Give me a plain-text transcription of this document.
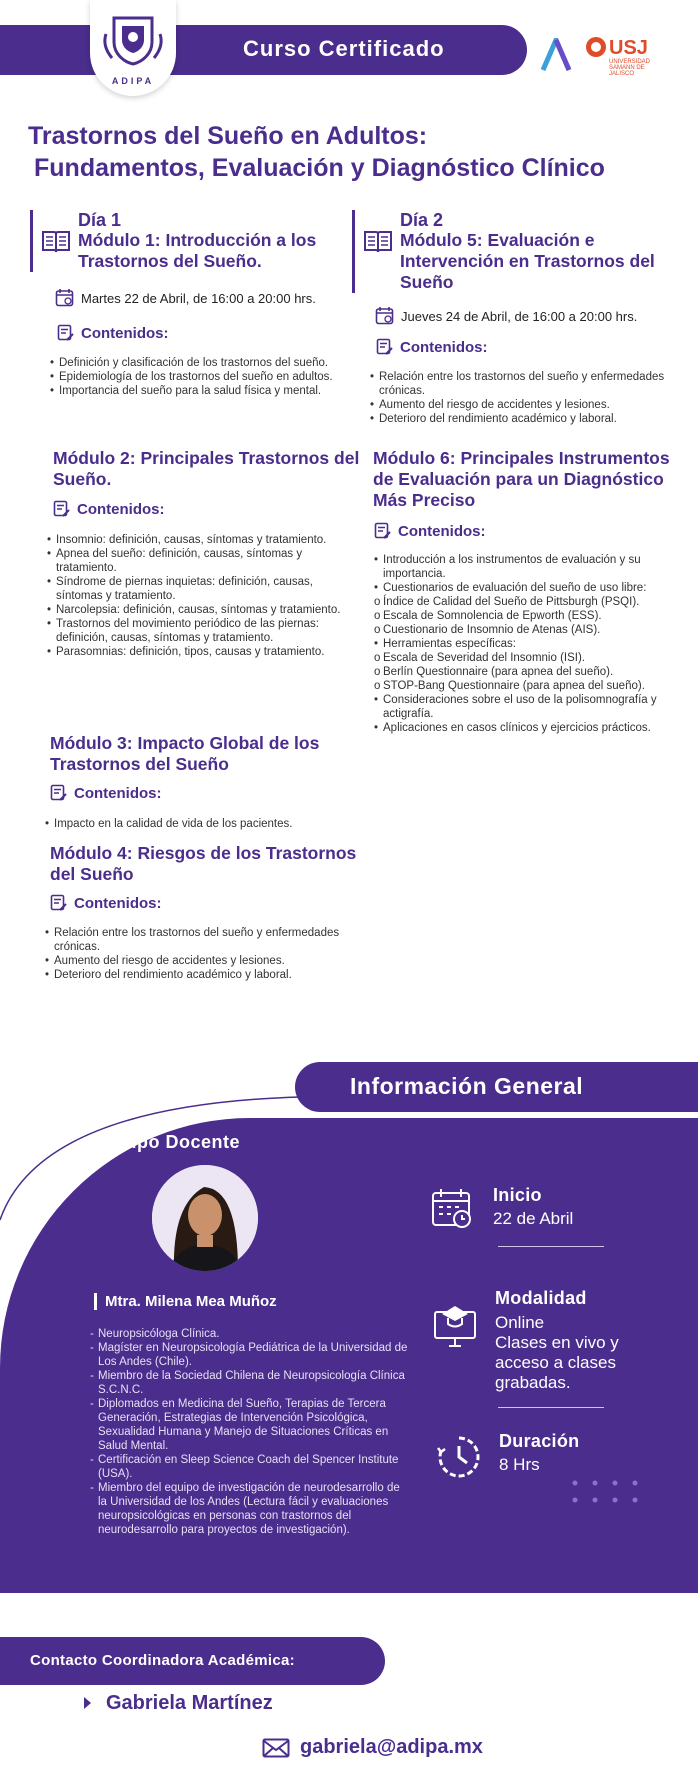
Curso Certificado
ADIPA
USJ
UNIVERSIDAD SAMANN DE JALISCO
Trastornos del Sueño en Adultos:
Fundamentos, Evaluación y Diagnóstico Clínico
Día 1
Módulo 1: Introducción a los Trastornos del Sueño.
Martes 22 de Abril, de 16:00 a 20:00 hrs.
Contenidos:
• Definición y clasificación de los trastornos del sueño.
• Epidemiología de los trastornos del sueño en adultos.
• Importancia del sueño para la salud física y mental.
Módulo 2: Principales Trastornos del Sueño.
Contenidos:
• Insomnio: definición, causas, síntomas y tratamiento.
• Apnea del sueño: definición, causas, síntomas y tratamiento.
• Síndrome de piernas inquietas: definición, causas, síntomas y tratamiento.
• Narcolepsia: definición, causas, síntomas y tratamiento.
• Trastornos del movimiento periódico de las piernas: definición, causas, síntomas y tratamiento.
• Parasomnias: definición, tipos, causas y tratamiento.
Módulo 3: Impacto Global de los Trastornos del Sueño
Contenidos:
• Impacto en la calidad de vida de los pacientes.
Módulo 4: Riesgos de los Trastornos del Sueño
Contenidos:
• Relación entre los trastornos del sueño y enfermedades crónicas.
• Aumento del riesgo de accidentes y lesiones.
• Deterioro del rendimiento académico y laboral.
Día 2
Módulo 5: Evaluación e Intervención en Trastornos del Sueño
Jueves 24 de Abril, de 16:00 a 20:00 hrs.
Contenidos:
• Relación entre los trastornos del sueño y enfermedades crónicas.
• Aumento del riesgo de accidentes y lesiones.
• Deterioro del rendimiento académico y laboral.
Módulo 6: Principales Instrumentos de Evaluación para un Diagnóstico Más Preciso
Contenidos:
• Introducción a los instrumentos de evaluación y su importancia.
• Cuestionarios de evaluación del sueño de uso libre:
o Índice de Calidad del Sueño de Pittsburgh (PSQI).
o Escala de Somnolencia de Epworth (ESS).
o Cuestionario de Insomnio de Atenas (AIS).
• Herramientas específicas:
o Escala de Severidad del Insomnio (ISI).
o Berlín Questionnaire (para apnea del sueño).
o STOP-Bang Questionnaire (para apnea del sueño).
• Consideraciones sobre el uso de la polisomnografía y actigrafía.
• Aplicaciones en casos clínicos y ejercicios prácticos.
Información General
Equipo Docente
Mtra. Milena Mea Muñoz
- Neuropsicóloga Clínica.
- Magíster en Neuropsicología Pediátrica de la Universidad de Los Andes (Chile).
- Miembro de la Sociedad Chilena de Neuropsicología Clínica S.C.N.C.
- Diplomados en Medicina del Sueño, Terapias de Tercera Generación, Estrategias de Intervención Psicológica, Sexualidad Humana y Manejo de Situaciones Críticas en Salud Mental.
- Certificación en Sleep Science Coach del Spencer Institute (USA).
- Miembro del equipo de investigación de neurodesarrollo de la Universidad de los Andes (Lectura fácil y evaluaciones neuropsicológicas en personas con trastornos del neurodesarrollo para proyectos de investigación).
Inicio
22 de Abril
Modalidad
Online
Clases en vivo y acceso a clases grabadas.
Duración
8 Hrs
Contacto Coordinadora Académica:
Gabriela Martínez
gabriela@adipa.mx
